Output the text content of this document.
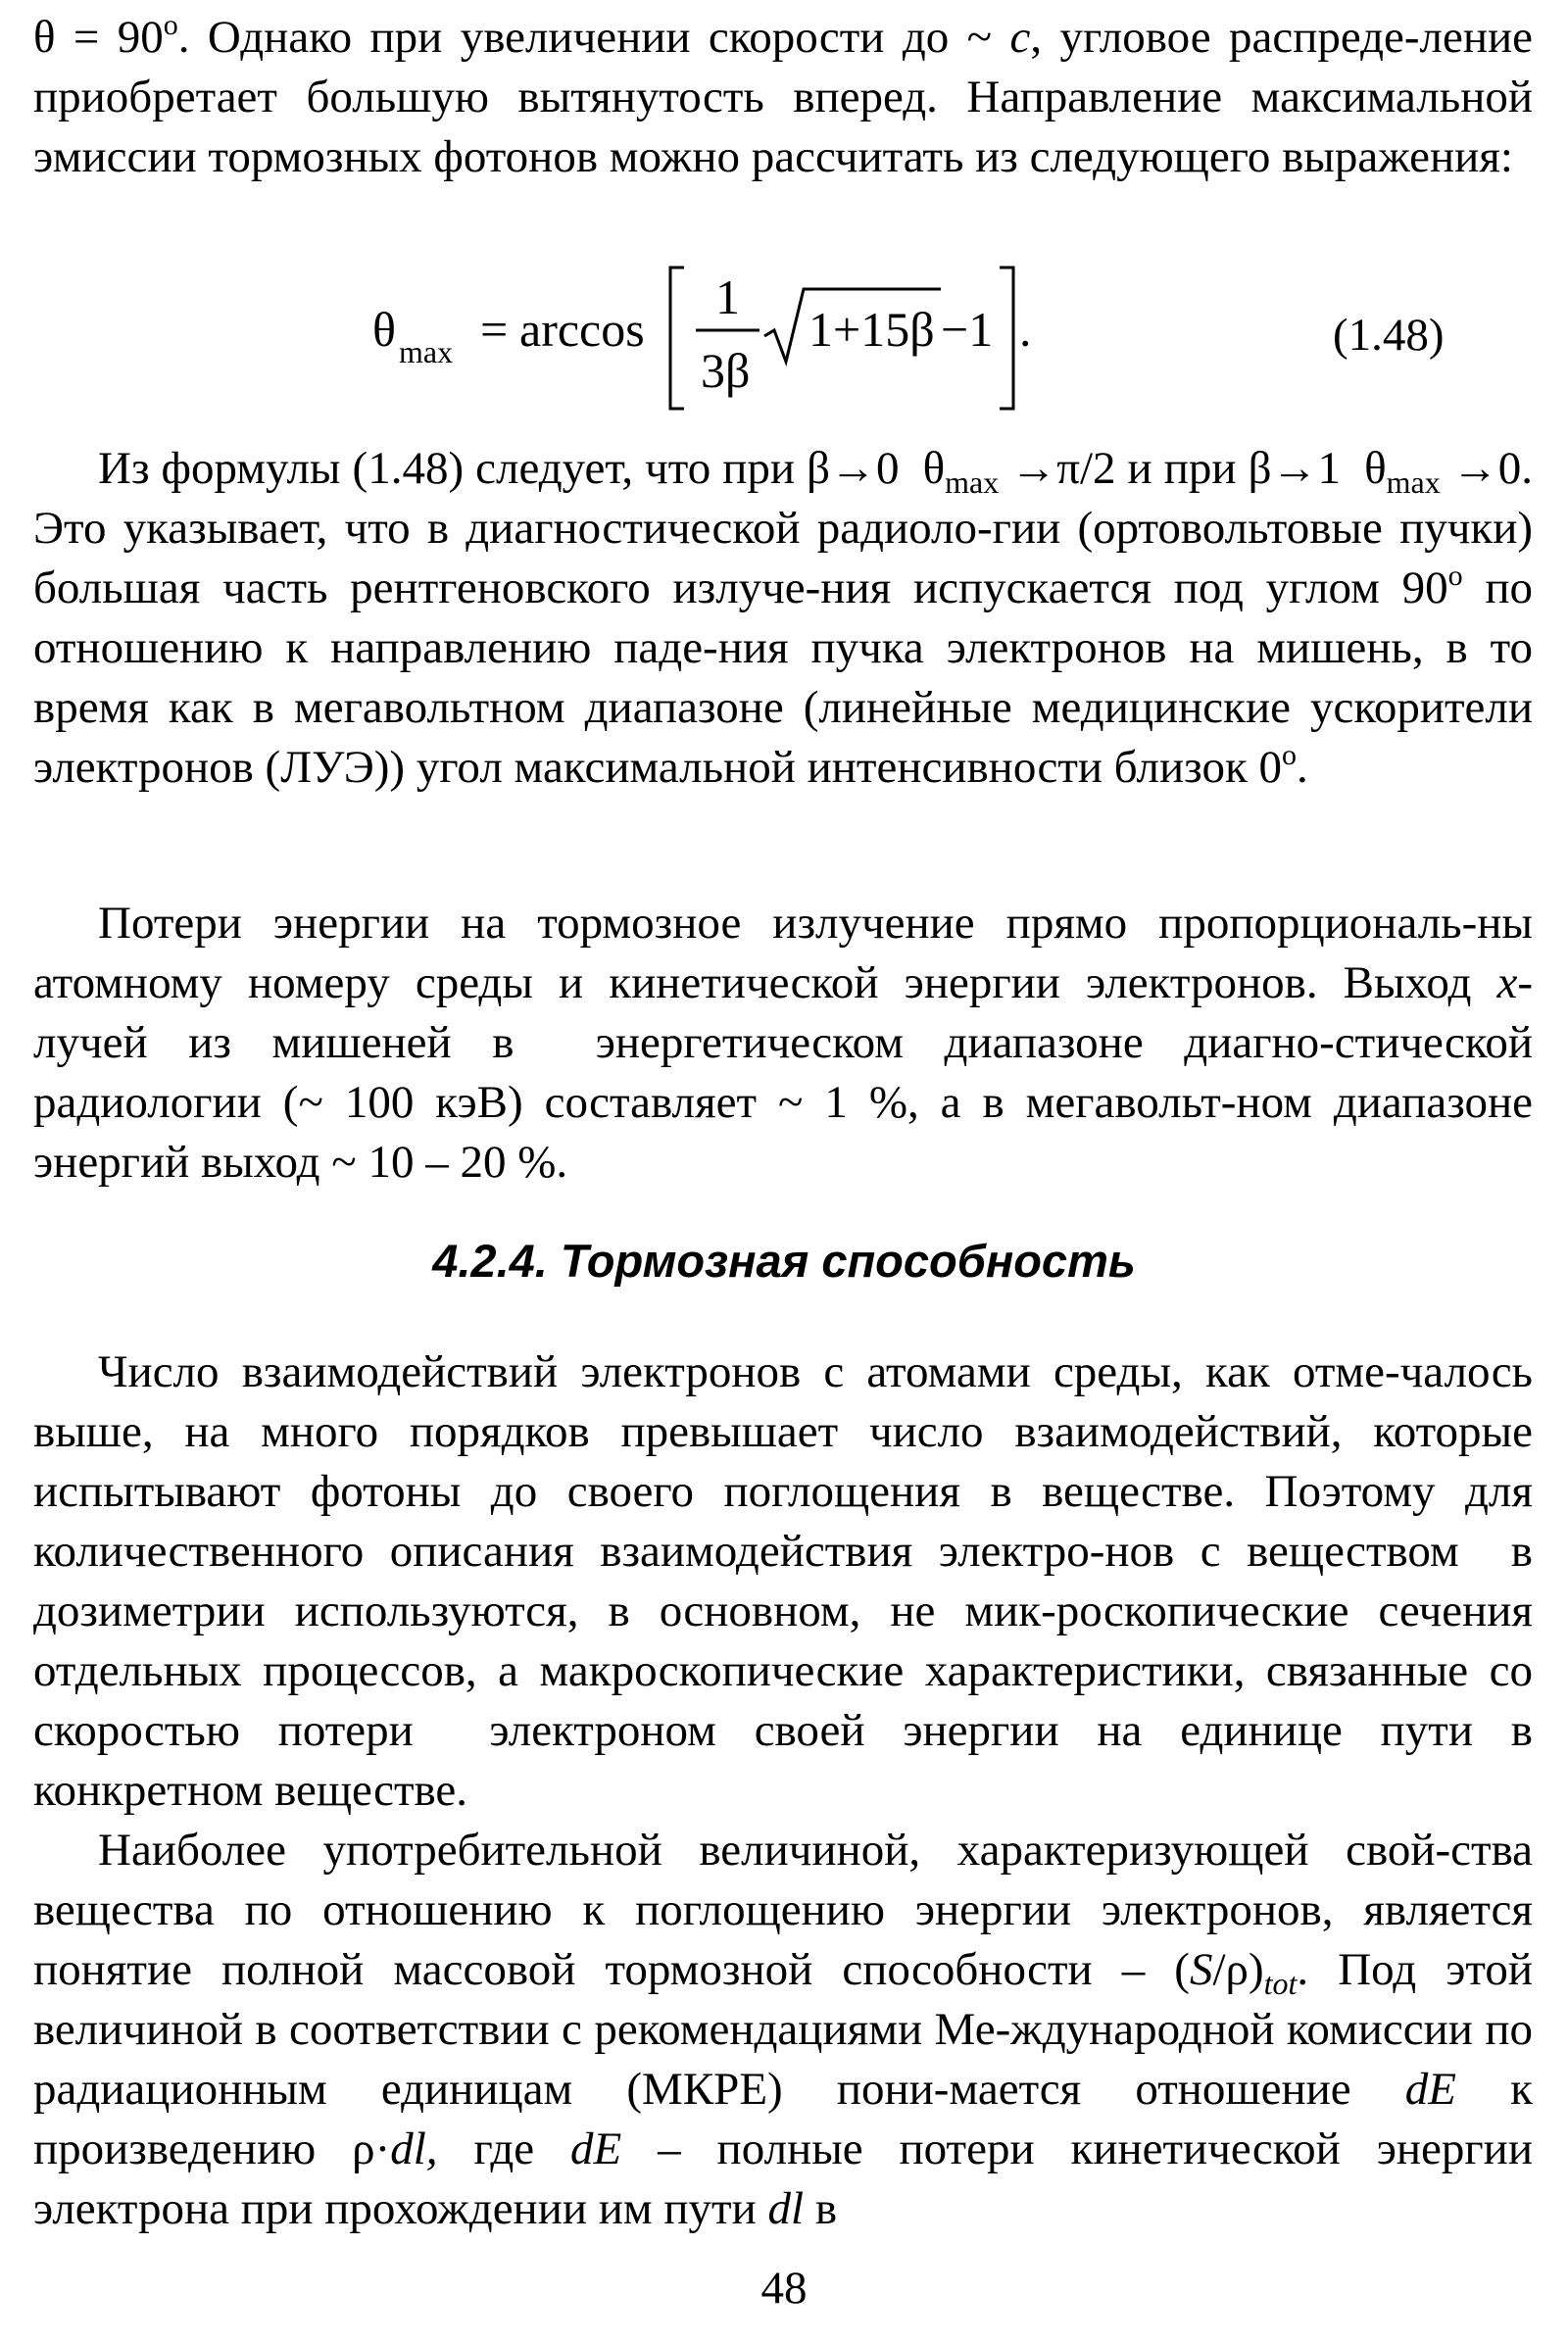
$\theta = 90^o$. Однако при увеличении скорости до ~ c, угловое распреде-ление приобретает большую вытянутость вперед. Направление максимальной эмиссии тормозных фотонов можно рассчитать из следующего выражения:

θ max = arccos
1
3β
1+15β −1 .	(1.48)

Из формулы (1.48) следует, что при β→0  $\theta_{max} \to\pi/2$ и при β→1  $\theta_{max} \to 0$. Это указывает, что в диагностической радиоло-гии (ортовольтовые пучки) большая часть рентгеновского излуче-ния испускается под углом 90$^o$ по отношению к направлению паде-ния пучка электронов на мишень, в то время как в мегавольтном диапазоне (линейные медицинские ускорители электронов (ЛУЭ)) угол максимальной интенсивности близок 0$^o$.

Потери энергии на тормозное излучение прямо пропорциональ-ны атомному номеру среды и кинетической энергии электронов. Выход x-лучей из мишеней в  энергетическом диапазоне диагно-стической радиологии (~ 100 кэВ) составляет ~ 1 %, а в мегавольт-ном диапазоне энергий выход ~ 10 – 20 %.

4.2.4. Тормозная способность

Число взаимодействий электронов с атомами среды, как отме-чалось выше, на много порядков превышает число взаимодействий, которые испытывают фотоны до своего поглощения в веществе. Поэтому для количественного описания взаимодействия электро-нов с веществом  в дозиметрии используются, в основном, не мик-роскопические сечения отдельных процессов, а макроскопические характеристики, связанные со скоростью потери  электроном своей энергии на единице пути в конкретном веществе.

Наиболее употребительной величиной, характеризующей свой-ства вещества по отношению к поглощению энергии электронов, является понятие полной массовой тормозной способности – $(S/\rho)_{tot}$. Под этой величиной в соответствии с рекомендациями Ме-ждународной комиссии по радиационным единицам (МКРЕ) пони-мается отношение dE к произведению ρ·dl, где dE – полные потери кинетической энергии электрона при прохождении им пути dl в

48
